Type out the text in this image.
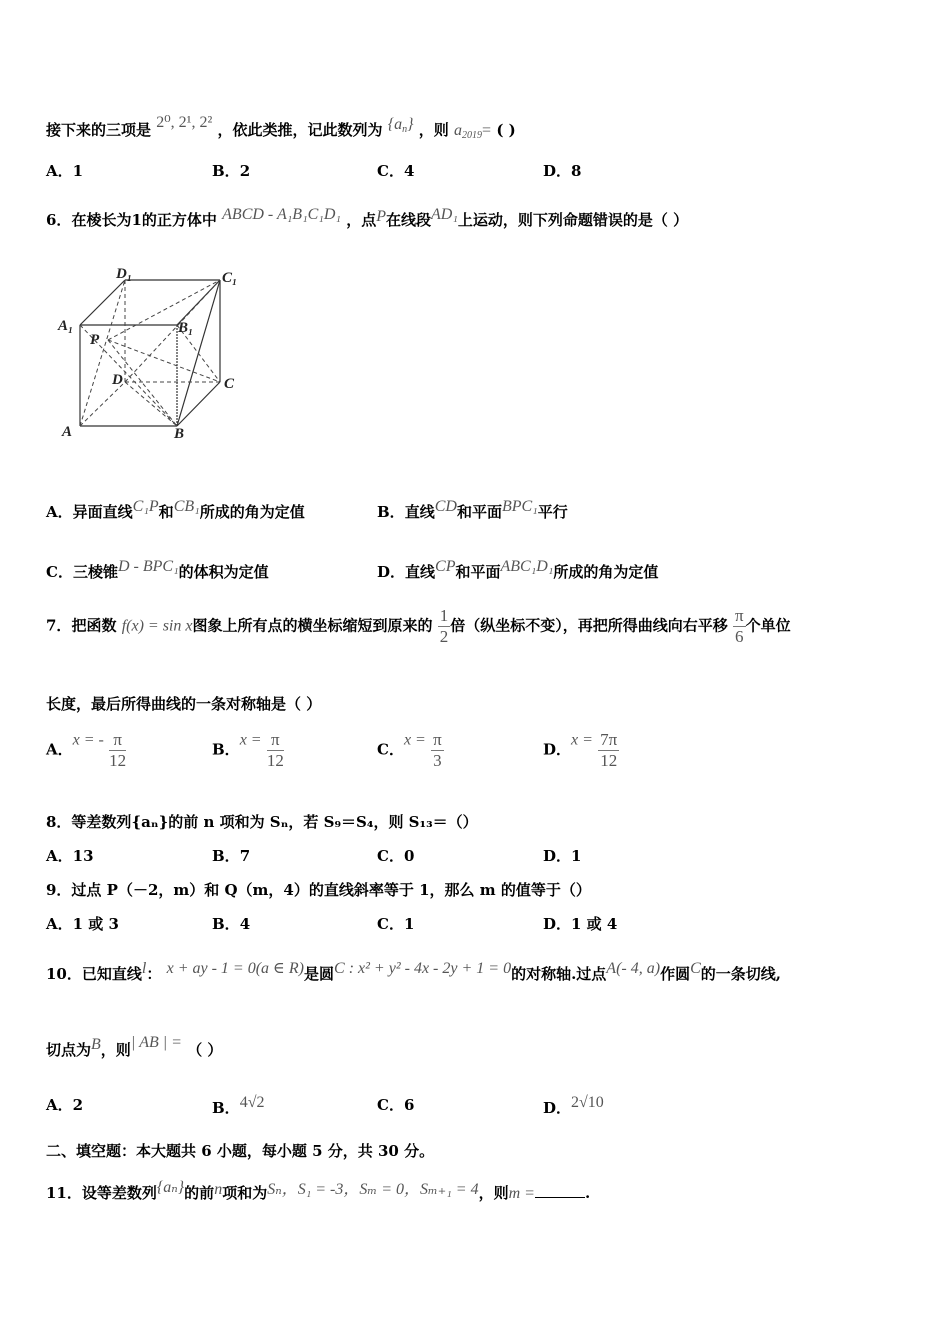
接下来的三项是 2⁰, 2¹, 2² ，依此类推，记此数列为 $\{a_n\}$ ，则 $a_{2019}=$ ( )
A．1	B．2	C．4	D．8
6．在棱长为1的正方体中 ABCD - A₁B₁C₁D₁ ，点P在线段AD₁上运动，则下列命题错误的是（ ）
D₁	C₁
A₁	B₁
P
D	C
A	B
A．异面直线C₁P和CB₁所成的角为定值	B．直线CD和平面BPC₁平行
C．三棱锥D - BPC₁的体积为定值	D．直线CP和平面ABC₁D₁所成的角为定值
7．把函数 f(x) = sin x图象上所有点的横坐标缩短到原来的 $\frac{1}{2}$ 倍（纵坐标不变），再把所得曲线向右平移 $\frac{\pi}{6}$ 个单位
长度，最后所得曲线的一条对称轴是（ ）
A．x = - $\frac{\pi}{12}$	B．$x = \frac{\pi}{12}$	C．$x = \frac{\pi}{3}$	D．$x = \frac{7\pi}{12}$
8．等差数列{aₙ}的前 n 项和为 Sₙ，若 S₉＝S₄，则 S₁₃＝（）
A．13	B．7	C．0	D．1
9．过点 P（－2，m）和 Q（m，4）的直线斜率等于 1，那么 m 的值等于（）
A．1 或 3	B．4	C．1	D．1 或 4
10．已知直线l： x + ay - 1 = 0(a ∈ R)是圆C : x² + y² - 4x - 2y + 1 = 0的对称轴.过点A(- 4, a)作圆C的一条切线,
切点为B，则| AB | = （ ）
A．2	B．4√2	C．6	D．2√10
二、填空题：本大题共 6 小题，每小题 5 分，共 30 分。
11．设等差数列{aₙ}的前n项和为Sₙ，S₁ = -3，Sₘ = 0，Sₘ₊₁ = 4，则m =	.
